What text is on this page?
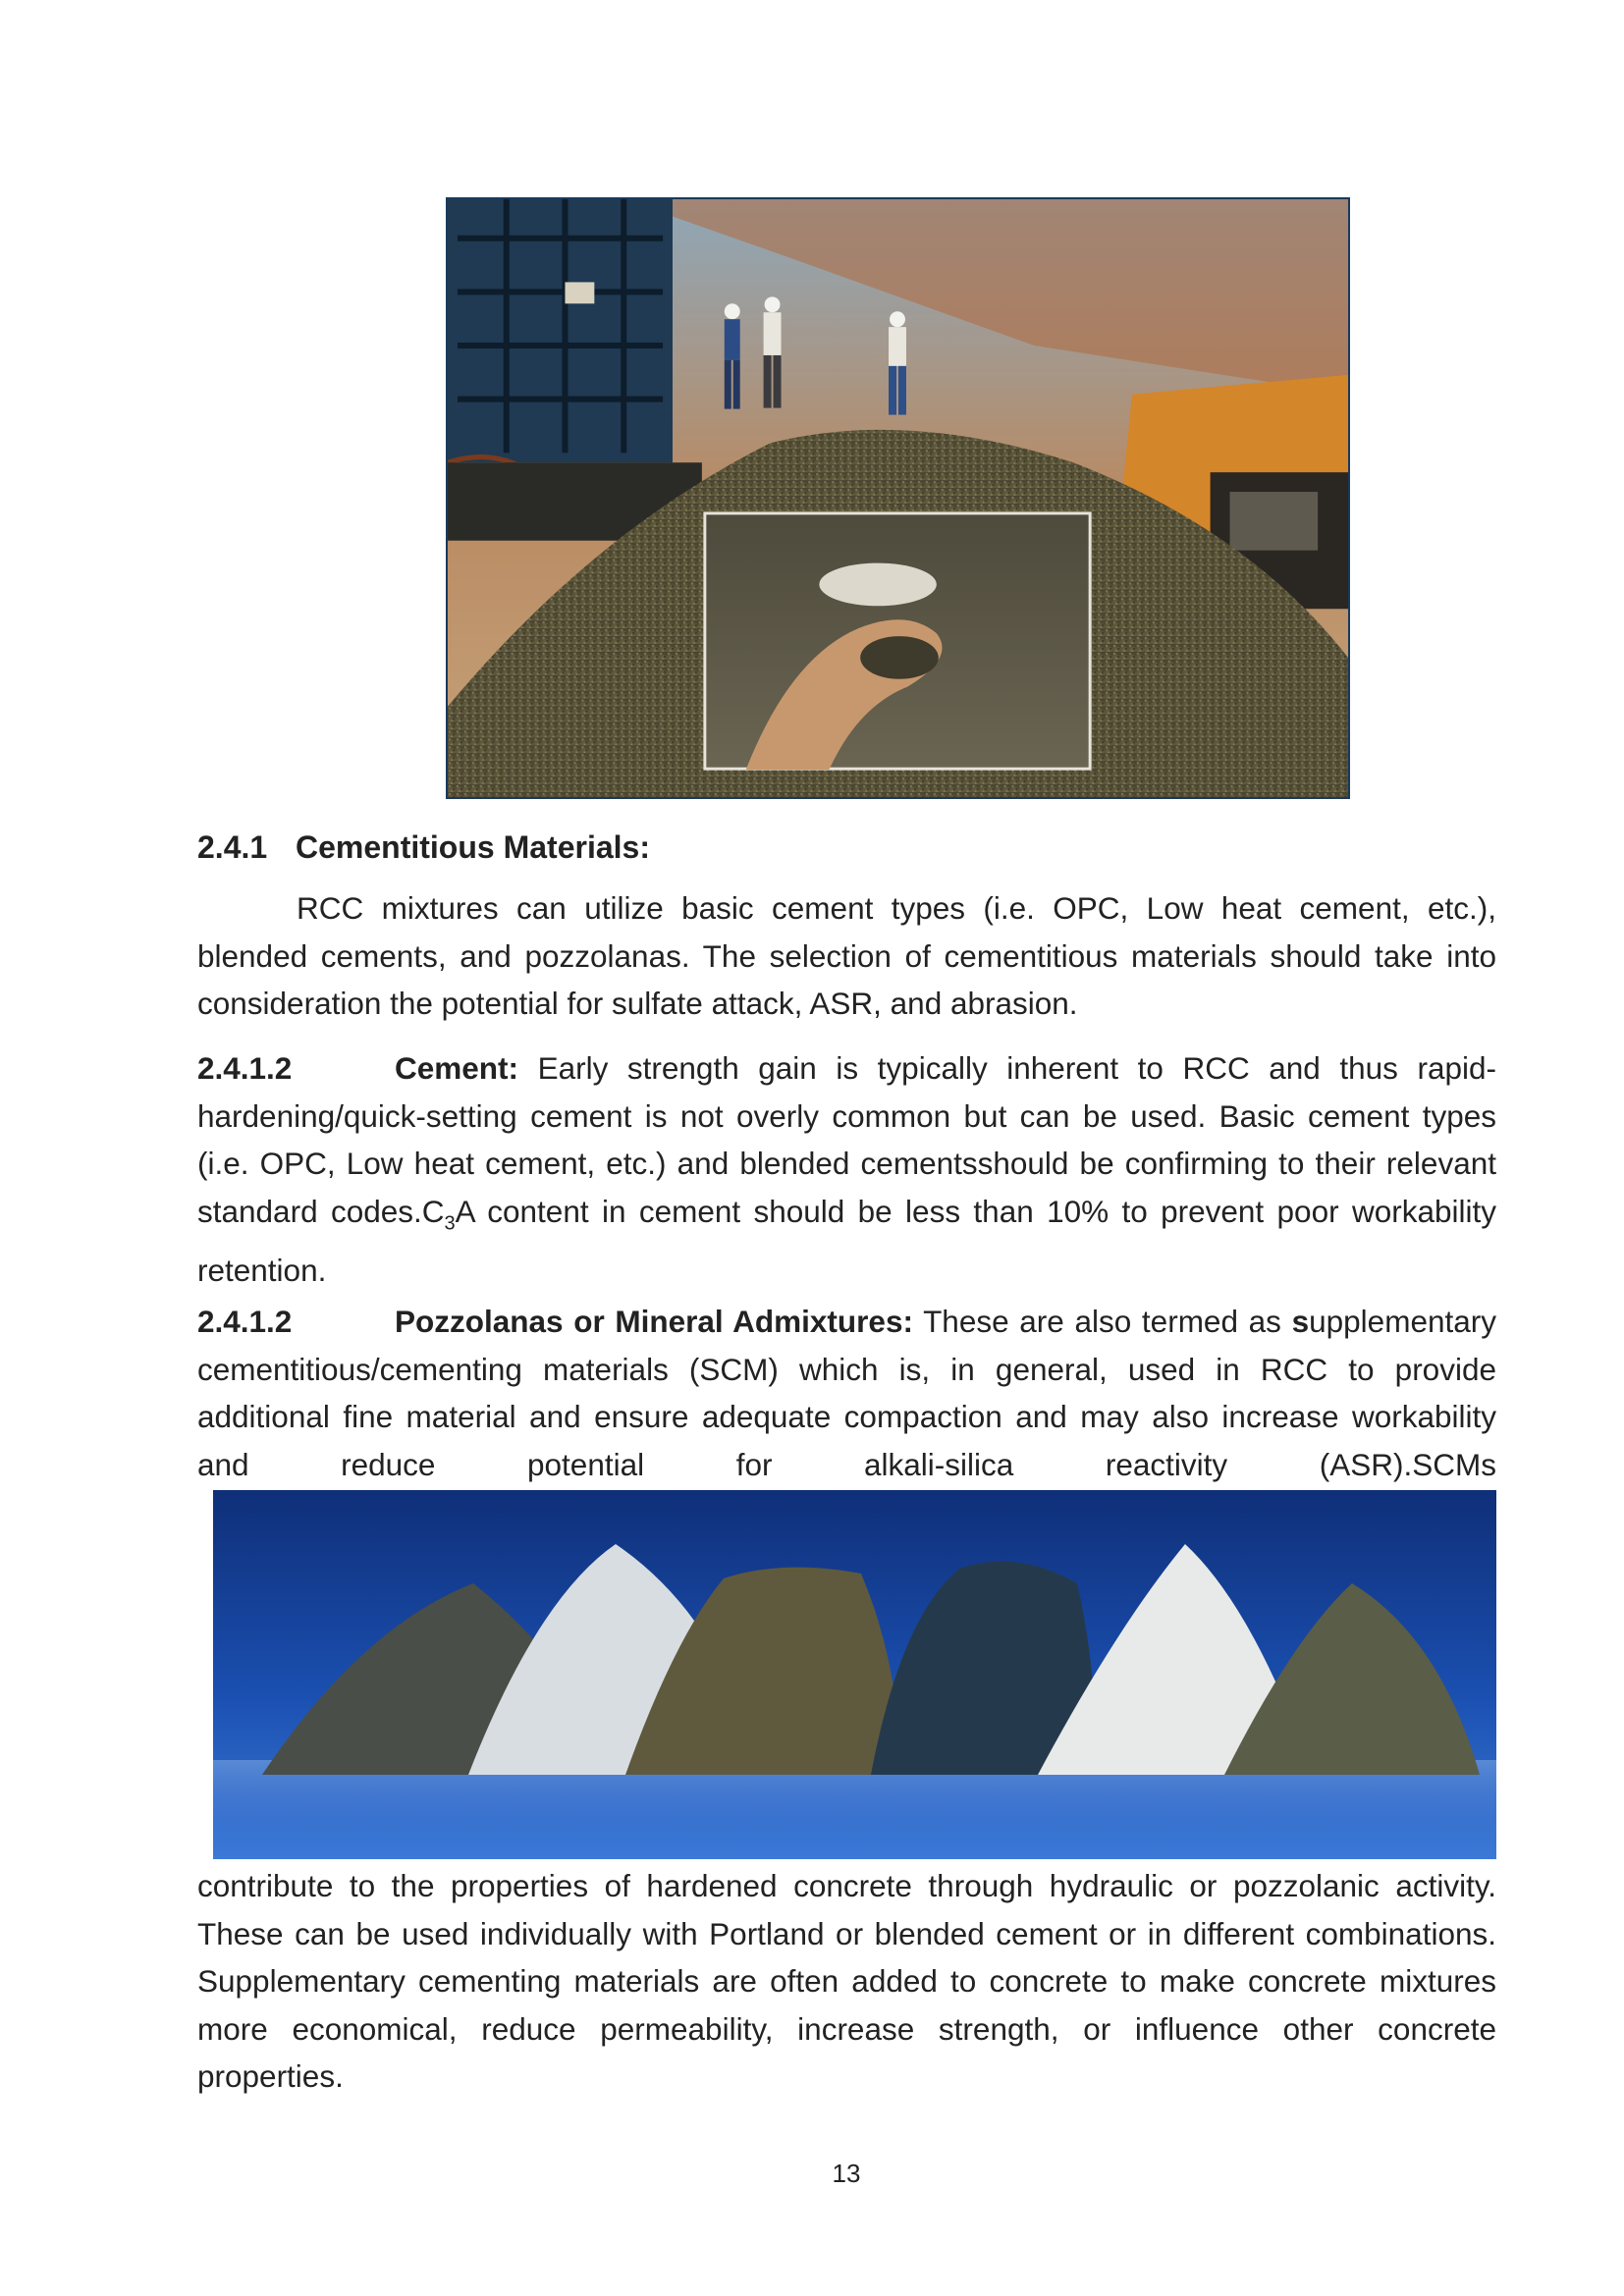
2.4.1 Cementitious Materials:

RCC mixtures can utilize basic cement types (i.e. OPC, Low heat cement, etc.), blended cements, and pozzolanas. The selection of cementitious materials should take into consideration the potential for sulfate attack, ASR, and abrasion.

2.4.1.2	Cement: Early strength gain is typically inherent to RCC and thus rapid-hardening/quick-setting cement is not overly common but can be used. Basic cement types (i.e. OPC, Low heat cement, etc.) and blended cementsshould be confirming to their relevant standard $codes.C_3A$ content in cement should be less than 10% to prevent poor workability retention.

2.4.1.2	Pozzolanas or Mineral Admixtures: These are also termed as supplementary cementitious/cementing materials (SCM) which is, in general, used in RCC to provide additional fine material and ensure adequate compaction and may also increase workability and reduce potential for alkali-silica reactivity (ASR).SCMs

contribute to the properties of hardened concrete through hydraulic or pozzolanic activity. These can be used individually with Portland or blended cement or in different combinations. Supplementary cementing materials are often added to concrete to make concrete mixtures more economical, reduce permeability, increase strength, or influence other concrete properties.

13
